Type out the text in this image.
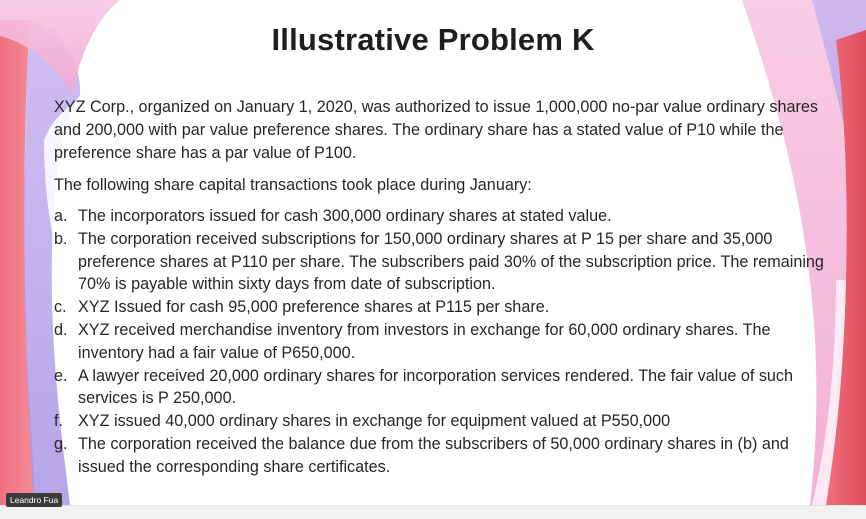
Illustrative Problem K
XYZ Corp., organized on January 1, 2020, was authorized to issue 1,000,000 no-par value ordinary shares and 200,000 with par value preference shares. The ordinary share has a stated value of P10 while the preference share has a par value of P100.
The following share capital transactions took place during January:
a. The incorporators issued for cash 300,000 ordinary shares at stated value.
b. The corporation received subscriptions for 150,000 ordinary shares at P 15 per share and 35,000 preference shares at P110 per share. The subscribers paid 30% of the subscription price. The remaining 70% is payable within sixty days from date of subscription.
c. XYZ Issued for cash 95,000 preference shares at P115 per share.
d. XYZ received merchandise inventory from investors in exchange for 60,000 ordinary shares. The inventory had a fair value of P650,000.
e. A lawyer received 20,000 ordinary shares for incorporation services rendered. The fair value of such services is P 250,000.
f. XYZ issued 40,000 ordinary shares in exchange for equipment valued at P550,000
g. The corporation received the balance due from the subscribers of 50,000 ordinary shares in (b) and issued the corresponding share certificates.
Leandro Fua
